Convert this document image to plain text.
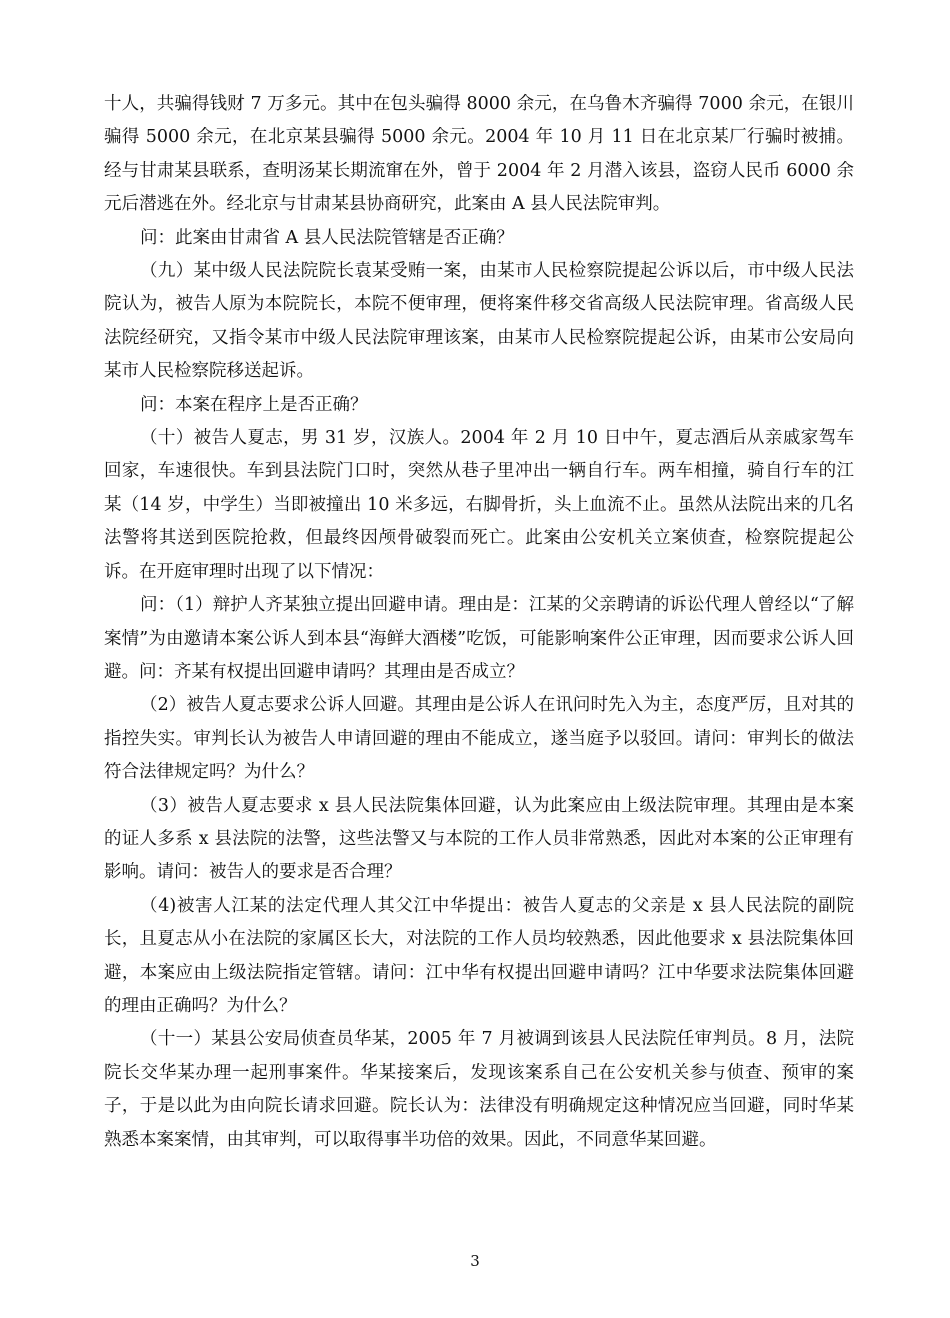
十人，共骗得钱财 7 万多元。其中在包头骗得 8000 余元，在乌鲁木齐骗得 7000 余元，在银川骗得 5000 余元，在北京某县骗得 5000 余元。2004 年 10 月 11 日在北京某厂行骗时被捕。经与甘肃某县联系，查明汤某长期流窜在外，曾于 2004 年 2 月潜入该县，盗窃人民币 6000 余元后潜逃在外。经北京与甘肃某县协商研究，此案由 A 县人民法院审判。

问：此案由甘肃省 A 县人民法院管辖是否正确？

（九）某中级人民法院院长袁某受贿一案，由某市人民检察院提起公诉以后，市中级人民法院认为，被告人原为本院院长，本院不便审理，便将案件移交省高级人民法院审理。省高级人民法院经研究，又指令某市中级人民法院审理该案，由某市人民检察院提起公诉，由某市公安局向某市人民检察院移送起诉。

问：本案在程序上是否正确？

（十）被告人夏志，男 31 岁，汉族人。2004 年 2 月 10 日中午，夏志酒后从亲戚家驾车回家，车速很快。车到县法院门口时，突然从巷子里冲出一辆自行车。两车相撞，骑自行车的江某（14 岁，中学生）当即被撞出 10 米多远，右脚骨折，头上血流不止。虽然从法院出来的几名法警将其送到医院抢救，但最终因颅骨破裂而死亡。此案由公安机关立案侦查，检察院提起公诉。在开庭审理时出现了以下情况：

问：（1）辩护人齐某独立提出回避申请。理由是：江某的父亲聘请的诉讼代理人曾经以“了解案情”为由邀请本案公诉人到本县“海鲜大酒楼”吃饭，可能影响案件公正审理，因而要求公诉人回避。问：齐某有权提出回避申请吗？其理由是否成立？

（2）被告人夏志要求公诉人回避。其理由是公诉人在讯问时先入为主，态度严厉，且对其的指控失实。审判长认为被告人申请回避的理由不能成立，遂当庭予以驳回。请问：审判长的做法符合法律规定吗？为什么？

（3）被告人夏志要求 x 县人民法院集体回避，认为此案应由上级法院审理。其理由是本案的证人多系 x 县法院的法警，这些法警又与本院的工作人员非常熟悉，因此对本案的公正审理有影响。请问：被告人的要求是否合理？

（4)被害人江某的法定代理人其父江中华提出：被告人夏志的父亲是 x 县人民法院的副院长，且夏志从小在法院的家属区长大，对法院的工作人员均较熟悉，因此他要求 x 县法院集体回避，本案应由上级法院指定管辖。请问：江中华有权提出回避申请吗？江中华要求法院集体回避的理由正确吗？为什么？

（十一）某县公安局侦查员华某，2005 年 7 月被调到该县人民法院任审判员。8 月，法院院长交华某办理一起刑事案件。华某接案后，发现该案系自己在公安机关参与侦查、预审的案子，于是以此为由向院长请求回避。院长认为：法律没有明确规定这种情况应当回避，同时华某熟悉本案案情，由其审判，可以取得事半功倍的效果。因此，不同意华某回避。

3
